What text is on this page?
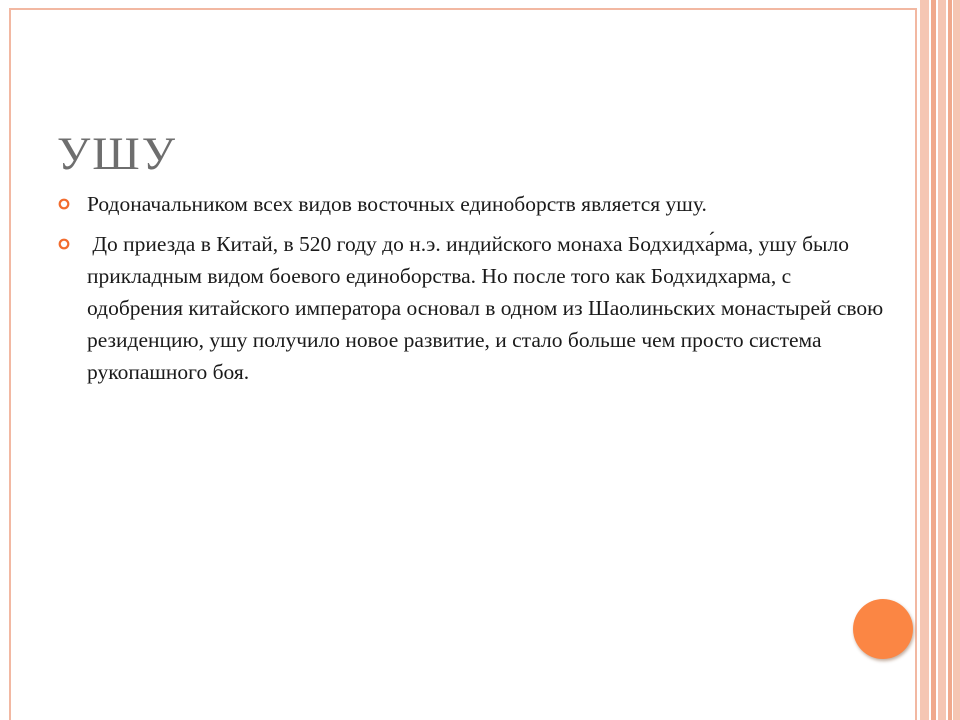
УШУ
Родоначальником всех видов восточных единоборств является ушу.
До приезда в Китай, в 520 году до н.э. индийского монаха Бодхидха́рма, ушу было прикладным видом боевого единоборства. Но после того как Бодхидхарма, с одобрения китайского императора основал в одном из Шаолиньских монастырей свою резиденцию, ушу получило новое развитие, и стало больше чем просто система рукопашного боя.
